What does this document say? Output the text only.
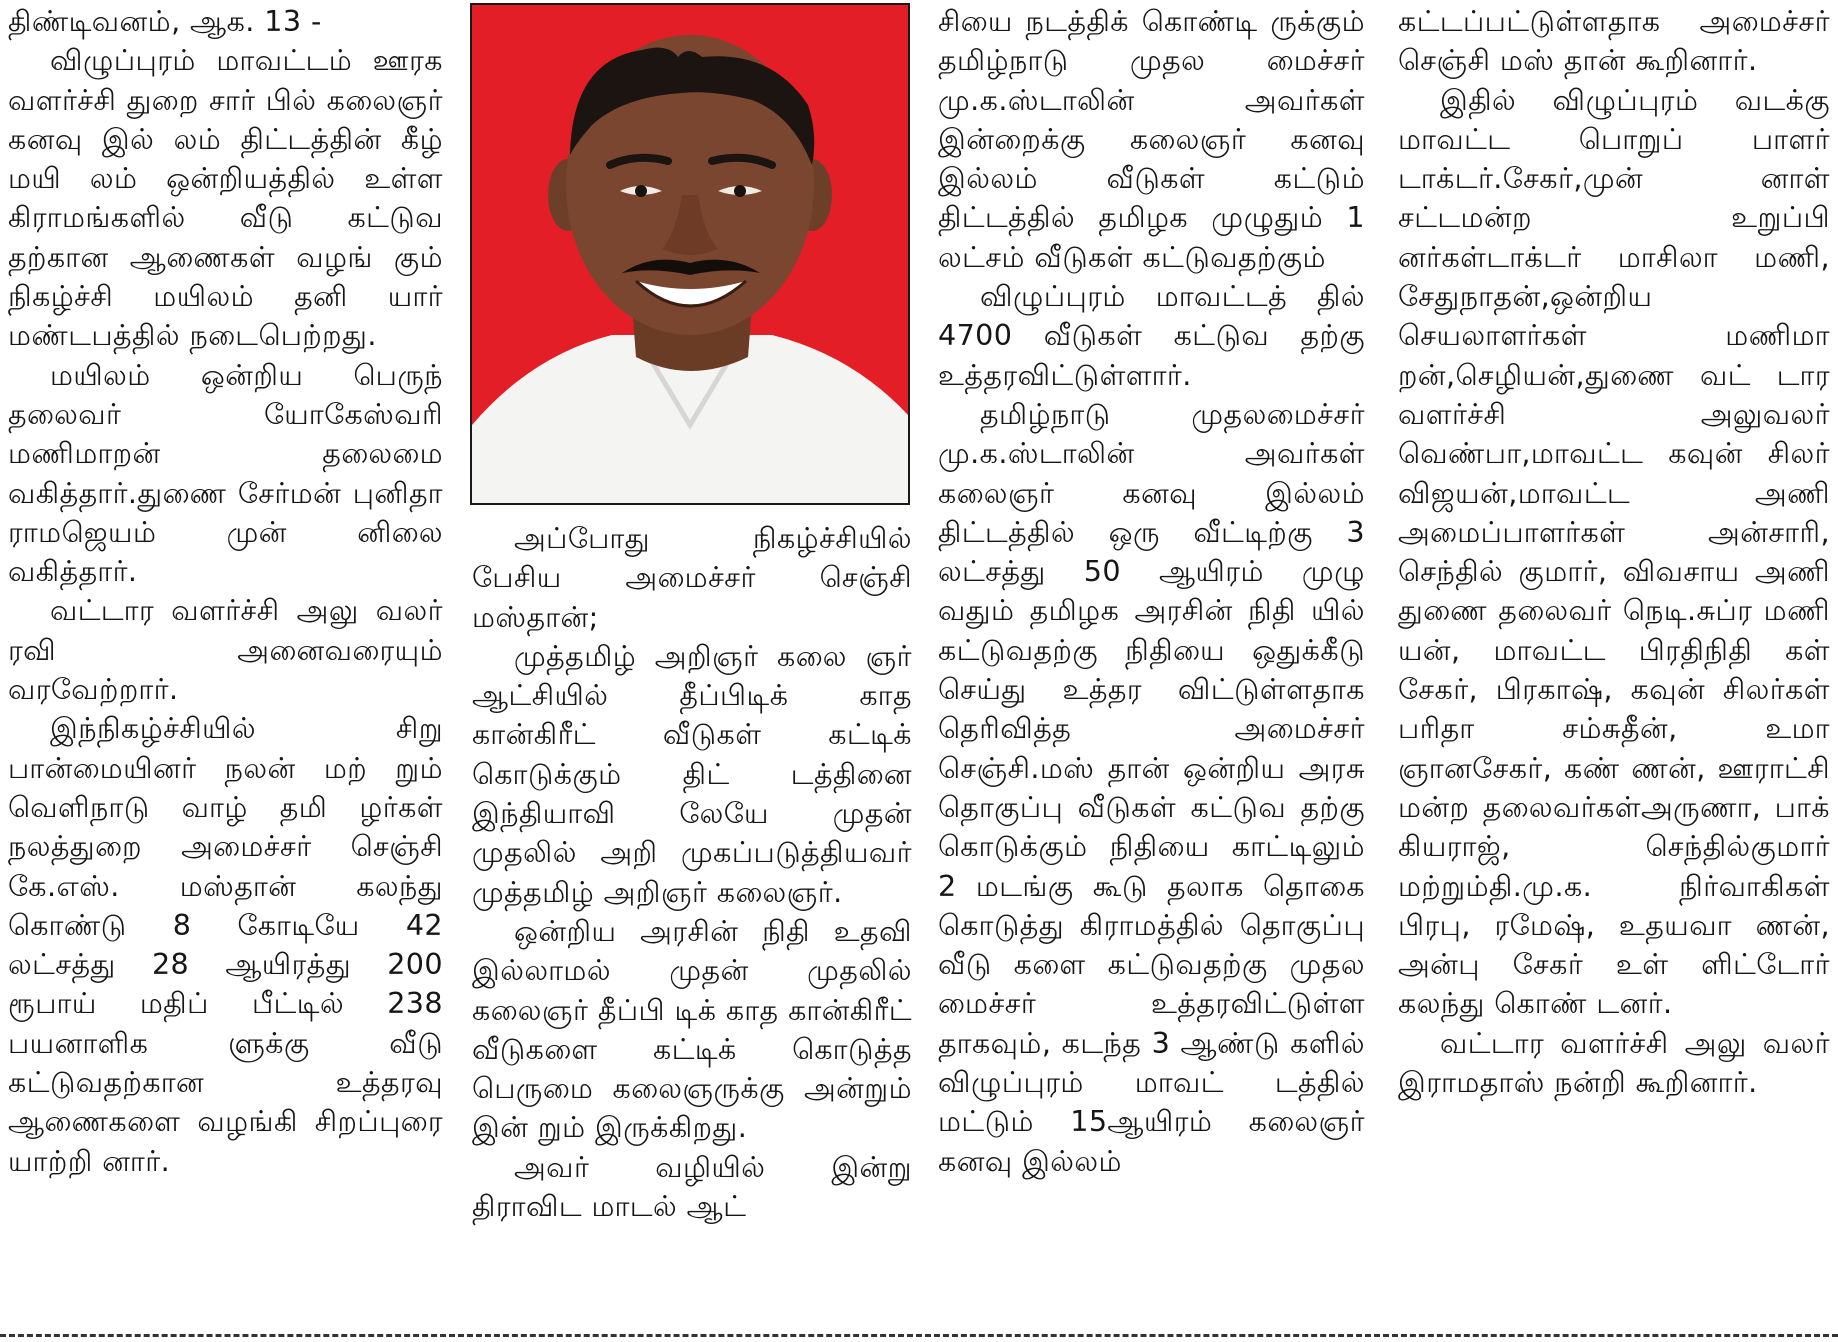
திண்டிவனம், ஆக. 13 -

விழுப்புரம் மாவட்டம் ஊரக வளர்ச்சி துறை சார் பில் கலைஞர் கனவு இல் லம் திட்டத்தின் கீழ் மயி லம் ஒன்றியத்தில் உள்ள கிராமங்களில் வீடு கட்டுவ தற்கான ஆணைகள் வழங் கும் நிகழ்ச்சி மயிலம் தனி யார் மண்டபத்தில் நடைபெற்றது.

மயிலம் ஒன்றிய பெருந் தலைவர் யோகேஸ்வரி மணிமாறன் தலைமை வகித்தார்.துணை சேர்மன் புனிதா ராமஜெயம் முன் னிலை வகித்தார்.

வட்டார வளர்ச்சி அலு வலர் ரவி அனைவரையும் வரவேற்றார்.

இந்நிகழ்ச்சியில் சிறு பான்மையினர் நலன் மற் றும் வெளிநாடு வாழ் தமி ழர்கள் நலத்துறை அமைச்சர் செஞ்சி கே.எஸ். மஸ்தான் கலந்து கொண்டு 8 கோடியே 42 லட்சத்து 28 ஆயிரத்து 200 ரூபாய் மதிப் பீட்டில் 238 பயனாளிக ளுக்கு வீடு கட்டுவதற்கான உத்தரவு ஆணைகளை வழங்கி சிறப்புரை யாற்றி னார்.

அப்போது நிகழ்ச்சியில் பேசிய அமைச்சர் செஞ்சி மஸ்தான்;

முத்தமிழ் அறிஞர் கலை ஞர் ஆட்சியில் தீப்பிடிக் காத கான்கிரீட் வீடுகள் கட்டிக் கொடுக்கும் திட் டத்தினை இந்தியாவி லேயே முதன் முதலில் அறி முகப்படுத்தியவர் முத்தமிழ் அறிஞர் கலைஞர்.

ஒன்றிய அரசின் நிதி உதவி இல்லாமல் முதன் முதலில் கலைஞர் தீப்பி டிக் காத கான்கிரீட் வீடுகளை கட்டிக் கொடுத்த பெருமை கலைஞருக்கு அன்றும் இன் றும் இருக்கிறது.

அவர் வழியில் இன்று திராவிட மாடல் ஆட்

சியை நடத்திக் கொண்டி ருக்கும் தமிழ்நாடு முதல மைச்சர் மு.க.ஸ்டாலின் அவர்கள் இன்றைக்கு கலைஞர் கனவு இல்லம் வீடுகள் கட்டும் திட்டத்தில் தமிழக முழுதும் 1 லட்சம் வீடுகள் கட்டுவதற்கும்

விழுப்புரம் மாவட்டத் தில் 4700 வீடுகள் கட்டுவ தற்கு உத்தரவிட்டுள்ளார்.

தமிழ்நாடு முதலமைச்சர் மு.க.ஸ்டாலின் அவர்கள் கலைஞர் கனவு இல்லம் திட்டத்தில் ஒரு வீட்டிற்கு 3 லட்சத்து 50 ஆயிரம் முழு வதும் தமிழக அரசின் நிதி யில் கட்டுவதற்கு நிதியை ஒதுக்கீடு செய்து உத்தர விட்டுள்ளதாக தெரிவித்த அமைச்சர் செஞ்சி.மஸ் தான் ஒன்றிய அரசு தொகுப்பு வீடுகள் கட்டுவ தற்கு கொடுக்கும் நிதியை காட்டிலும் 2 மடங்கு கூடு தலாக தொகை கொடுத்து கிராமத்தில் தொகுப்பு வீடு களை கட்டுவதற்கு முதல மைச்சர் உத்தரவிட்டுள்ள தாகவும், கடந்த 3 ஆண்டு களில் விழுப்புரம் மாவட் டத்தில் மட்டும் 15ஆயிரம் கலைஞர் கனவு இல்லம்

கட்டப்பட்டுள்ளதாக அமைச்சர் செஞ்சி மஸ் தான் கூறினார்.

இதில் விழுப்புரம் வடக்கு மாவட்ட பொறுப் பாளர் டாக்டர்.சேகர்,முன் னாள் சட்டமன்ற உறுப்பி னர்கள்டாக்டர் மாசிலா மணி, சேதுநாதன்,ஒன்றிய செயலாளர்கள் மணிமா றன்,செழியன்,துணை வட் டார வளர்ச்சி அலுவலர் வெண்பா,மாவட்ட கவுன் சிலர் விஜயன்,மாவட்ட அணி அமைப்பாளர்கள் அன்சாரி, செந்தில் குமார், விவசாய அணி துணை தலைவர் நெடி.சுப்ர மணி யன், மாவட்ட பிரதிநிதி கள் சேகர், பிரகாஷ், கவுன் சிலர்கள் பரிதா சம்சுதீன், உமா ஞானசேகர், கண் ணன், ஊராட்சி மன்ற தலைவர்கள்அருணா, பாக் கியராஜ், செந்தில்குமார் மற்றும்தி.மு.க. நிர்வாகிகள் பிரபு, ரமேஷ், உதயவா ணன், அன்பு சேகர் உள் ளிட்டோர் கலந்து கொண் டனர்.

வட்டார வளர்ச்சி அலு வலர் இராமதாஸ் நன்றி கூறினார்.
